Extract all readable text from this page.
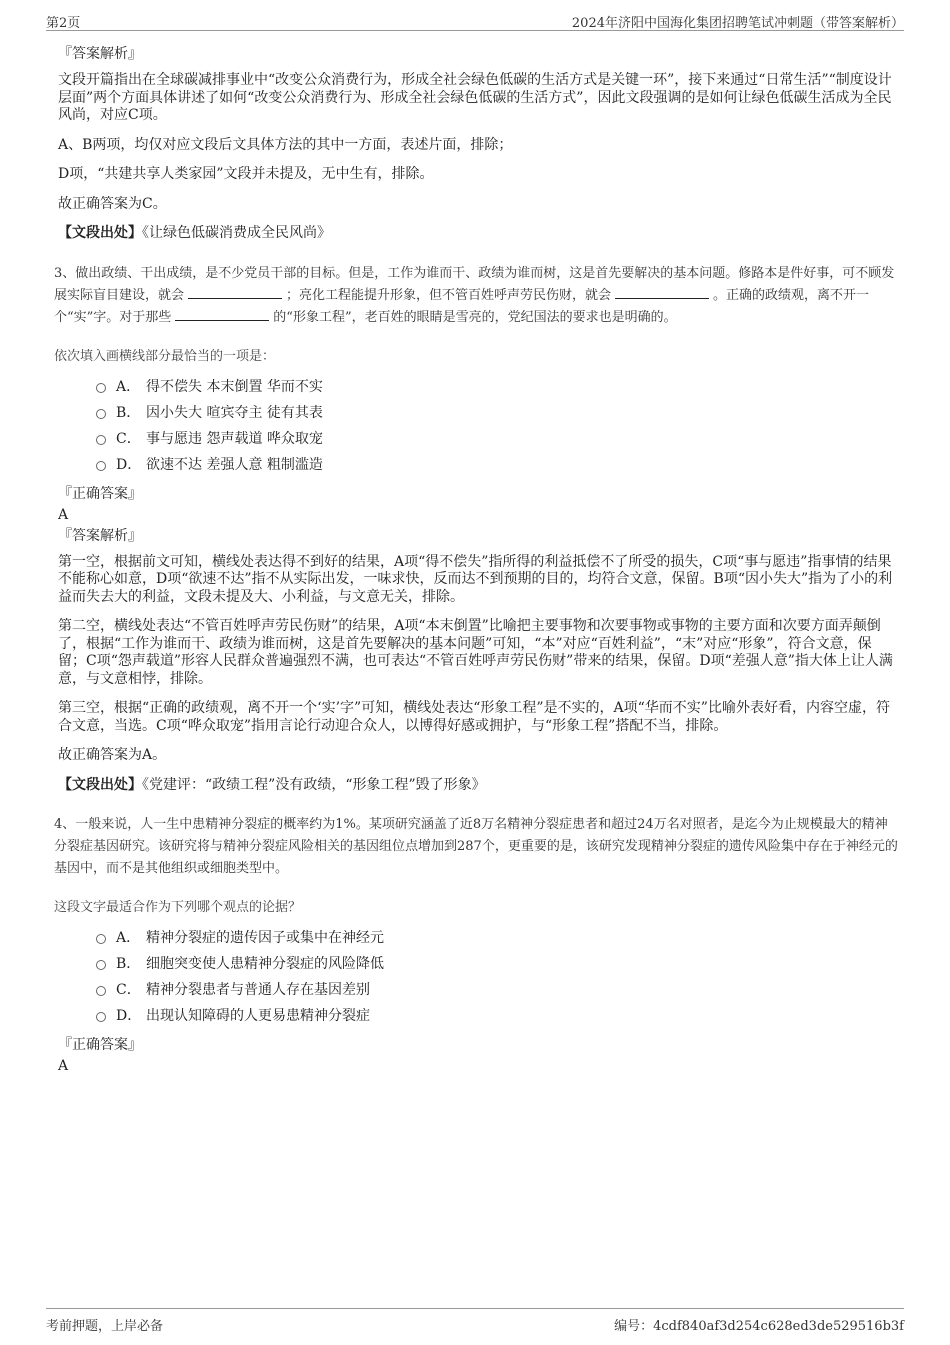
第2页	2024年济阳中国海化集团招聘笔试冲刺题（带答案解析）
『答案解析』
文段开篇指出在全球碳减排事业中“改变公众消费行为，形成全社会绿色低碳的生活方式是关键一环”，接下来通过“日常生活”“制度设计层面”两个方面具体讲述了如何“改变公众消费行为、形成全社会绿色低碳的生活方式”，因此文段强调的是如何让绿色低碳生活成为全民风尚，对应C项。
A、B两项，均仅对应文段后文具体方法的其中一方面，表述片面，排除；
D项，“共建共享人类家园”文段并未提及，无中生有，排除。
故正确答案为C。
【文段出处】《让绿色低碳消费成全民风尚》
3、做出政绩、干出成绩，是不少党员干部的目标。但是，工作为谁而干、政绩为谁而树，这是首先要解决的基本问题。修路本是件好事，可不顾发展实际盲目建设，就会	；亮化工程能提升形象，但不管百姓呼声劳民伤财，就会	。正确的政绩观，离不开一个“实”字。对于那些	的“形象工程”，老百姓的眼睛是雪亮的，党纪国法的要求也是明确的。
依次填入画横线部分最恰当的一项是：
A． 得不偿失 本末倒置 华而不实
B． 因小失大 喧宾夺主 徒有其表
C． 事与愿违 怨声载道 哗众取宠
D． 欲速不达 差强人意 粗制滥造
『正确答案』
A
『答案解析』
第一空，根据前文可知，横线处表达得不到好的结果，A项“得不偿失”指所得的利益抵偿不了所受的损失，C项“事与愿违”指事情的结果不能称心如意，D项“欲速不达”指不从实际出发，一味求快，反而达不到预期的目的，均符合文意，保留。B项“因小失大”指为了小的利益而失去大的利益，文段未提及大、小利益，与文意无关，排除。
第二空，横线处表达“不管百姓呼声劳民伤财”的结果，A项“本末倒置”比喻把主要事物和次要事物或事物的主要方面和次要方面弄颠倒了，根据“工作为谁而干、政绩为谁而树，这是首先要解决的基本问题”可知，“本”对应“百姓利益”，“末”对应“形象”，符合文意，保留；C项“怨声载道”形容人民群众普遍强烈不满，也可表达“不管百姓呼声劳民伤财”带来的结果，保留。D项“差强人意”指大体上让人满意，与文意相悖，排除。
第三空，根据“正确的政绩观，离不开一个‘实’字”可知，横线处表达“形象工程”是不实的，A项“华而不实”比喻外表好看，内容空虚，符合文意，当选。C项“哗众取宠”指用言论行动迎合众人，以博得好感或拥护，与“形象工程”搭配不当，排除。
故正确答案为A。
【文段出处】《党建评：“政绩工程”没有政绩，“形象工程”毁了形象》
4、一般来说，人一生中患精神分裂症的概率约为1%。某项研究涵盖了近8万名精神分裂症患者和超过24万名对照者，是迄今为止规模最大的精神分裂症基因研究。该研究将与精神分裂症风险相关的基因组位点增加到287个，更重要的是，该研究发现精神分裂症的遗传风险集中存在于神经元的基因中，而不是其他组织或细胞类型中。
这段文字最适合作为下列哪个观点的论据？
A． 精神分裂症的遗传因子或集中在神经元
B． 细胞突变使人患精神分裂症的风险降低
C． 精神分裂患者与普通人存在基因差别
D． 出现认知障碍的人更易患精神分裂症
『正确答案』
A
考前押题，上岸必备	编号：4cdf840af3d254c628ed3de529516b3f
